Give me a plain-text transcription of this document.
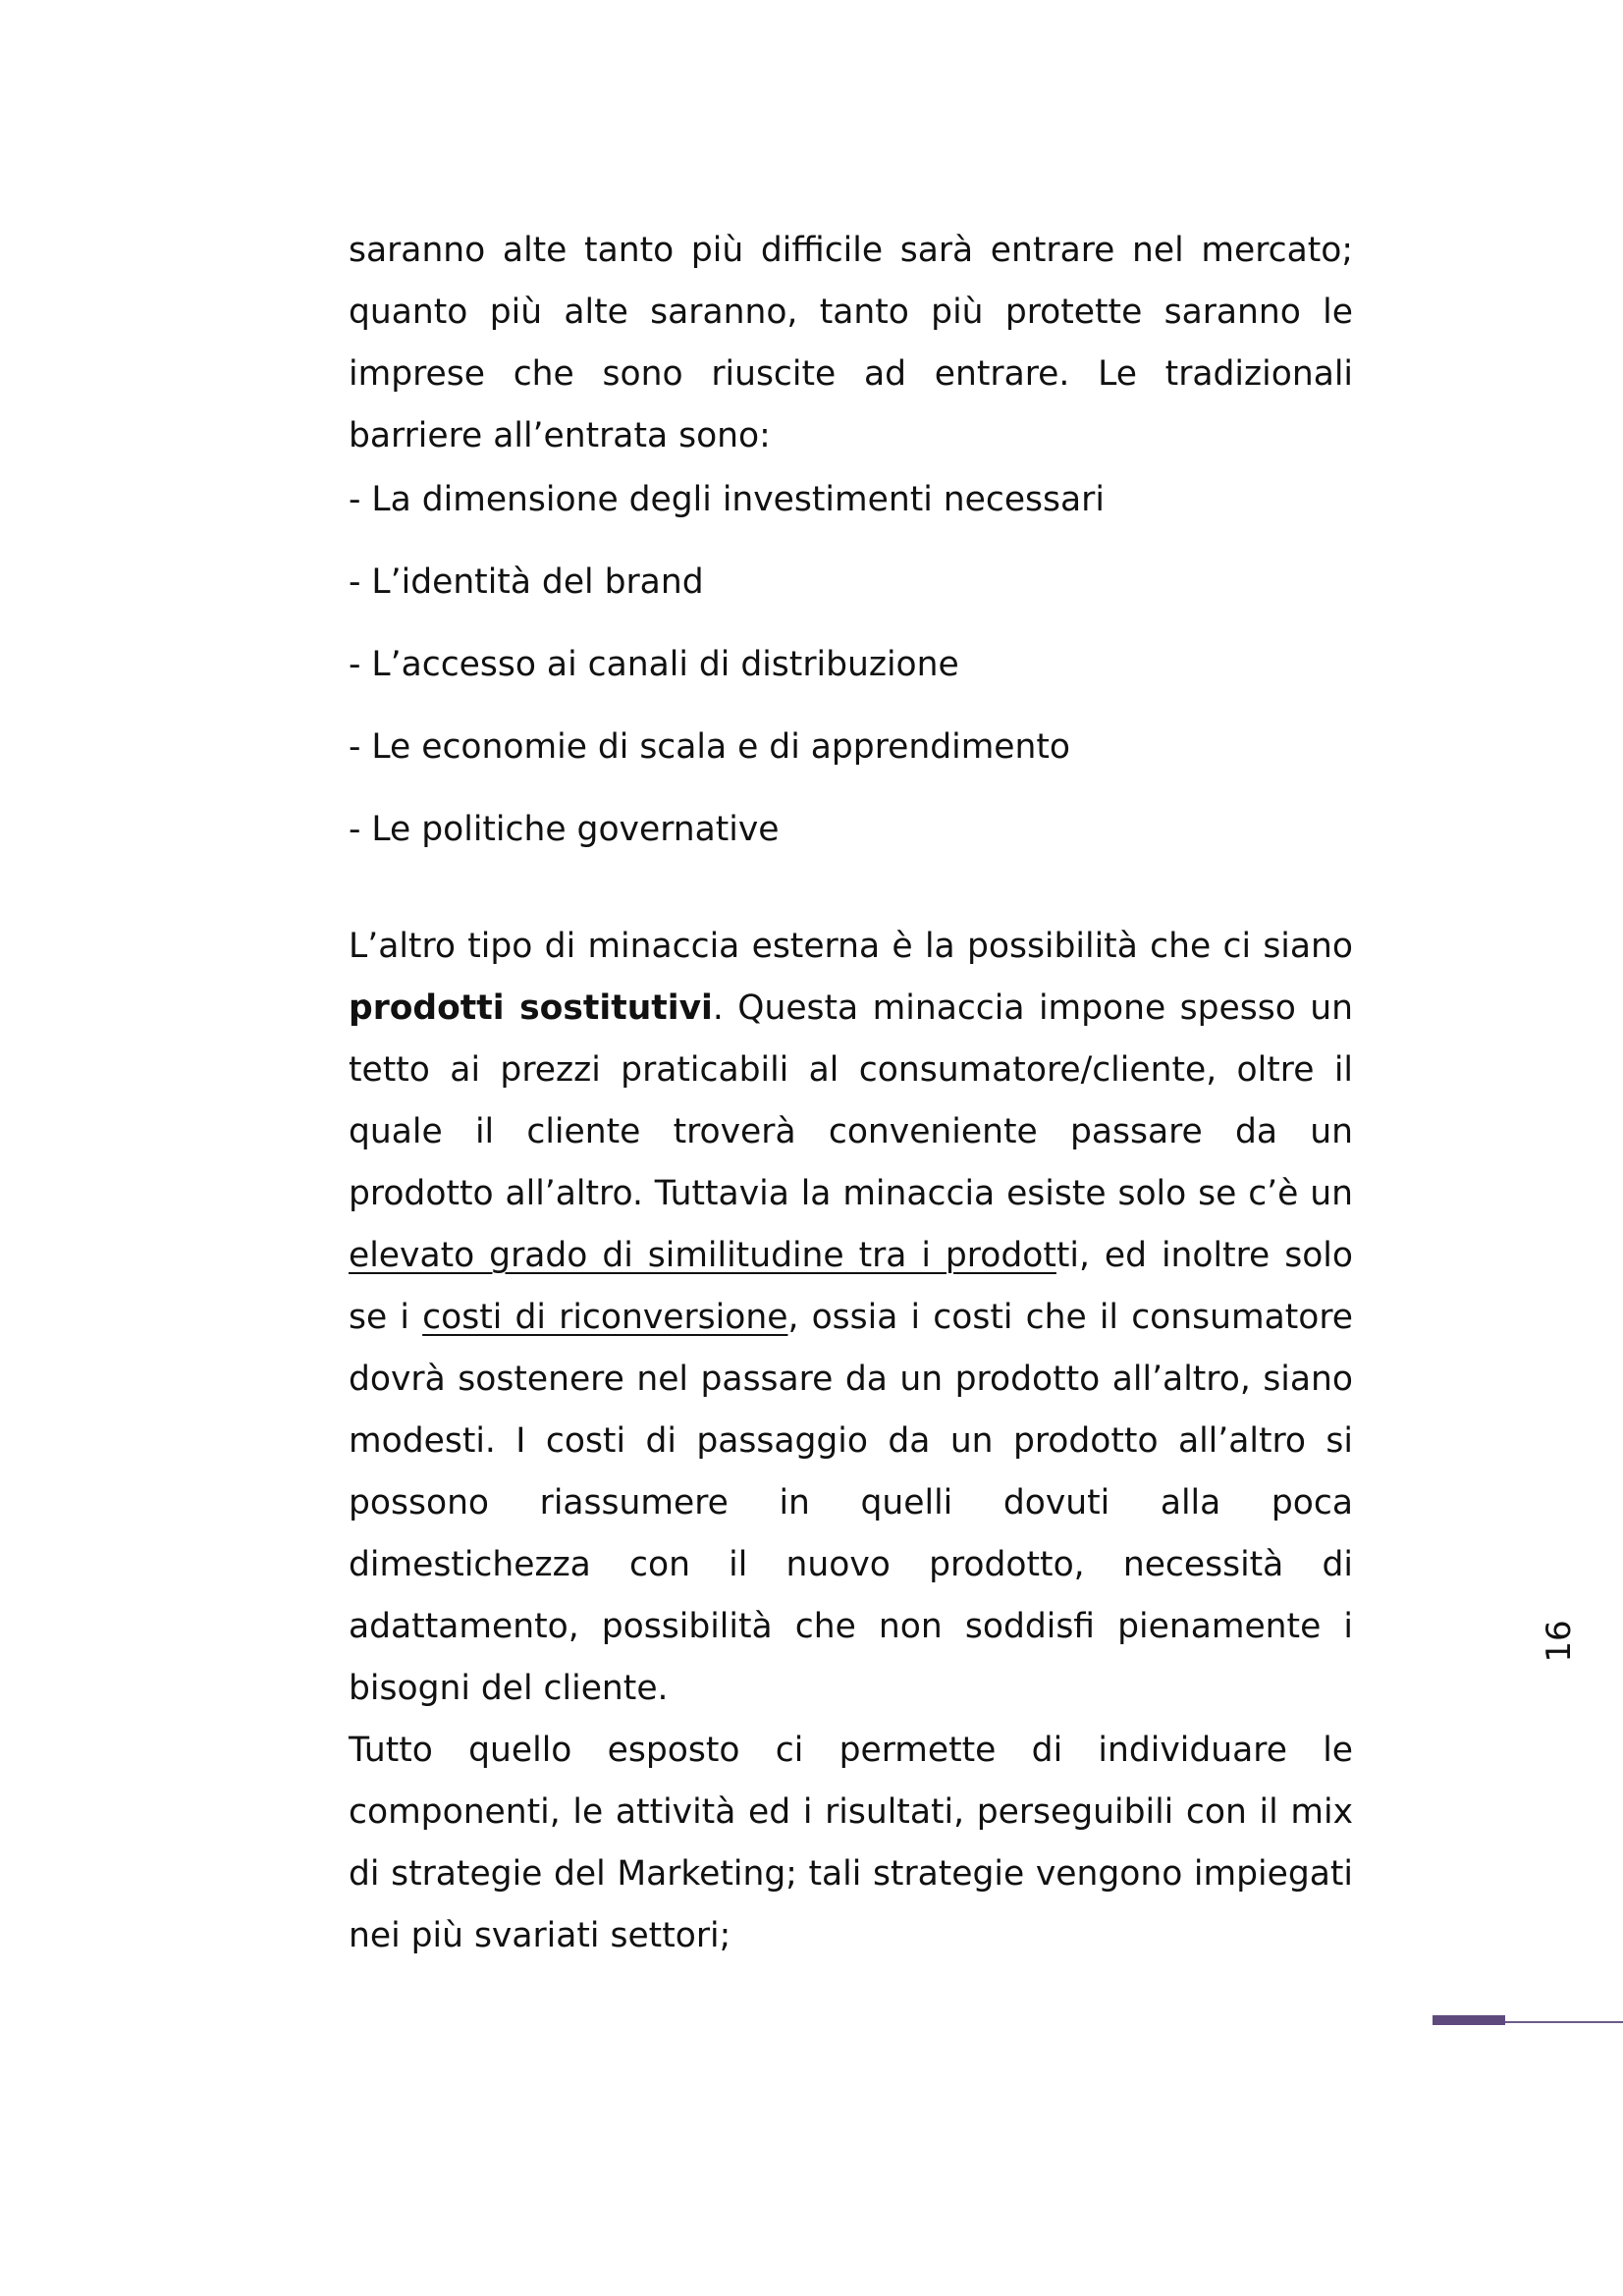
saranno alte tanto più difficile sarà entrare nel mercato; quanto più alte saranno, tanto più protette saranno le imprese che sono riuscite ad entrare. Le tradizionali barriere all’entrata sono:

- La dimensione degli investimenti necessari
- L’identità del brand
- L’accesso ai canali di distribuzione
- Le economie di scala e di apprendimento
- Le politiche governative

L’altro tipo di minaccia esterna è la possibilità che ci siano prodotti sostitutivi. Questa minaccia impone spesso un tetto ai prezzi praticabili al consumatore/cliente, oltre il quale il cliente troverà conveniente passare da un prodotto all’altro. Tuttavia la minaccia esiste solo se c’è un elevato grado di similitudine tra i prodotti, ed inoltre solo se i costi di riconversione, ossia i costi che il consumatore dovrà sostenere nel passare da un prodotto all’altro, siano modesti. I costi di passaggio da un prodotto all’altro si possono riassumere in quelli dovuti alla poca dimestichezza con il nuovo prodotto, necessità di adattamento, possibilità che non soddisfi pienamente i bisogni del cliente.

Tutto quello esposto ci permette di individuare le componenti, le attività ed i risultati, perseguibili con il mix di strategie del Marketing; tali strategie vengono impiegati nei più svariati settori;

16
